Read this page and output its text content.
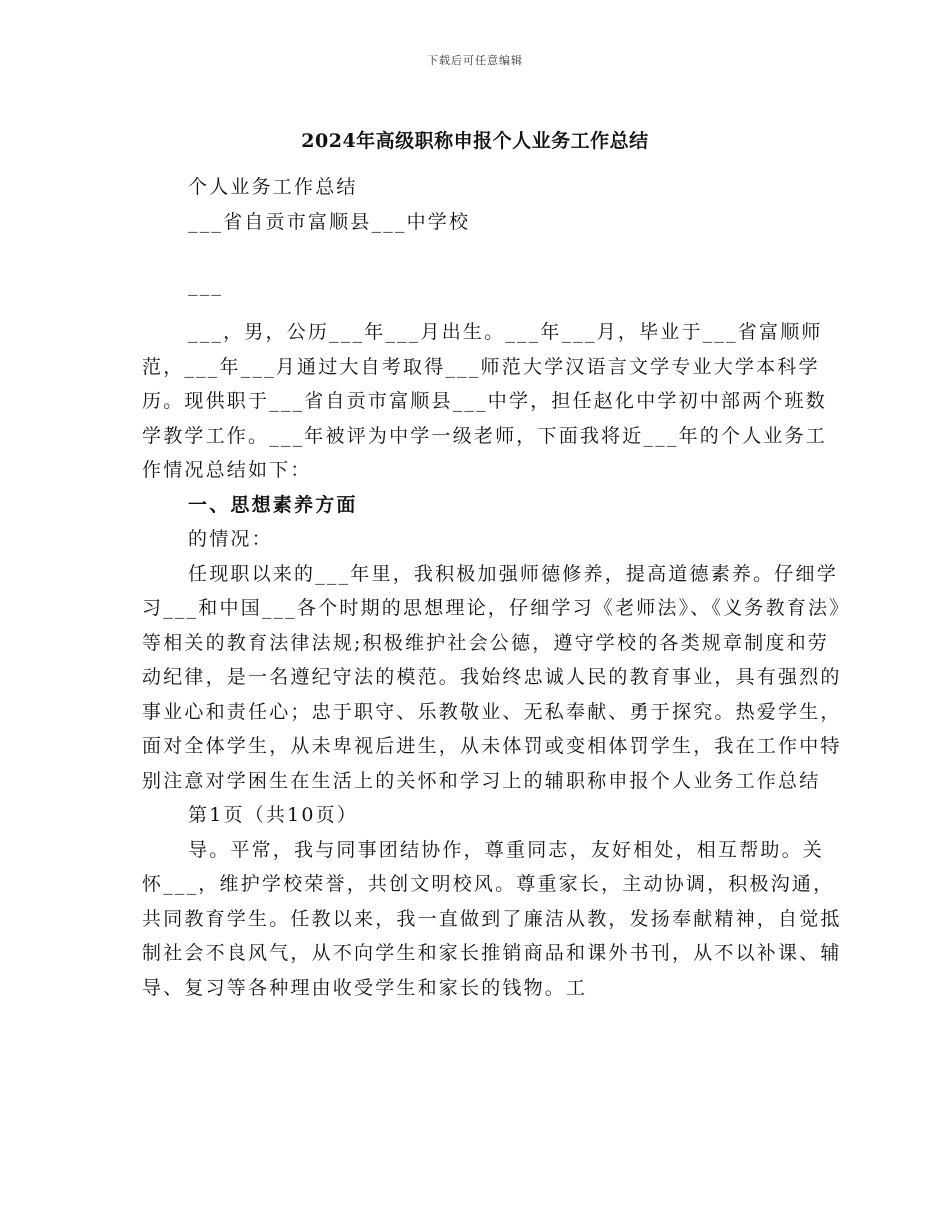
下载后可任意编辑
2024年高级职称申报个人业务工作总结

个人业务工作总结

___省自贡市富顺县___中学校

___

___，男，公历___年___月出生。___年___月，毕业于___省富顺师范，___年___月通过大自考取得___师范大学汉语言文学专业大学本科学历。现供职于___省自贡市富顺县___中学，担任赵化中学初中部两个班数学教学工作。___年被评为中学一级老师，下面我将近___年的个人业务工作情况总结如下：

一、思想素养方面

的情况：

任现职以来的___年里，我积极加强师德修养，提高道德素养。仔细学习___和中国___各个时期的思想理论，仔细学习《老师法》、《义务教育法》等相关的教育法律法规;积极维护社会公德，遵守学校的各类规章制度和劳动纪律，是一名遵纪守法的模范。我始终忠诚人民的教育事业，具有强烈的事业心和责任心；忠于职守、乐教敬业、无私奉献、勇于探究。热爱学生，面对全体学生，从未卑视后进生，从未体罚或变相体罚学生，我在工作中特别注意对学困生在生活上的关怀和学习上的辅职称申报个人业务工作总结

第1页（共10页）

导。平常，我与同事团结协作，尊重同志，友好相处，相互帮助。关怀___，维护学校荣誉，共创文明校风。尊重家长，主动协调，积极沟通，共同教育学生。任教以来，我一直做到了廉洁从教，发扬奉献精神，自觉抵制社会不良风气，从不向学生和家长推销商品和课外书刊，从不以补课、辅导、复习等各种理由收受学生和家长的钱物。工
